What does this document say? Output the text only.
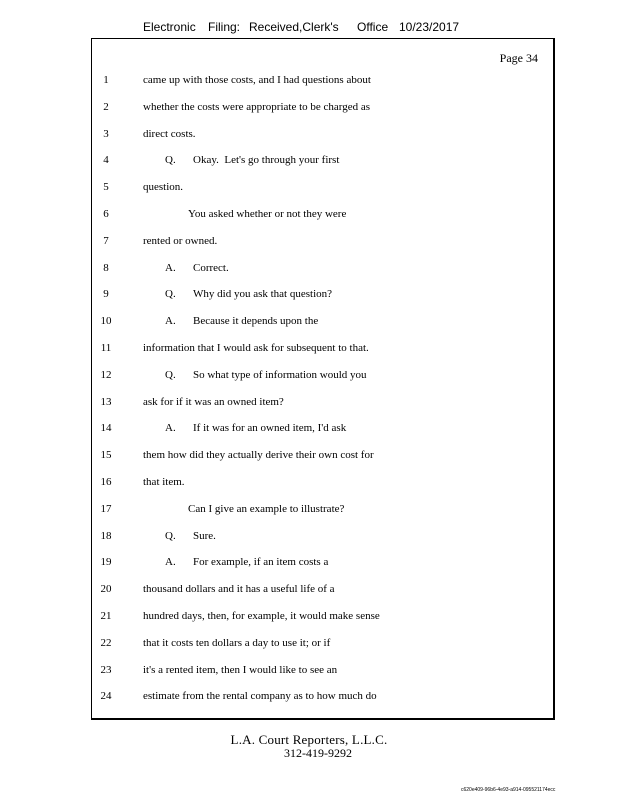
Electronic Filing: Received,Clerk's Office 10/23/2017
Page 34
1	came up with those costs, and I had questions about
2	whether the costs were appropriate to be charged as
3	direct costs.
4	Q. Okay.  Let's go through your first
5	question.
6	You asked whether or not they were
7	rented or owned.
8	A. Correct.
9	Q. Why did you ask that question?
10	A. Because it depends upon the
11	information that I would ask for subsequent to that.
12	Q. So what type of information would you
13	ask for if it was an owned item?
14	A. If it was for an owned item, I'd ask
15	them how did they actually derive their own cost for
16	that item.
17	Can I give an example to illustrate?
18	Q. Sure.
19	A. For example, if an item costs a
20	thousand dollars and it has a useful life of a
21	hundred days, then, for example, it would make sense
22	that it costs ten dollars a day to use it; or if
23	it's a rented item, then I would like to see an
24	estimate from the rental company as to how much do
L.A. Court Reporters, L.L.C.
312-419-9292
c620e409-96b6-4e93-a914-095521174ecc
